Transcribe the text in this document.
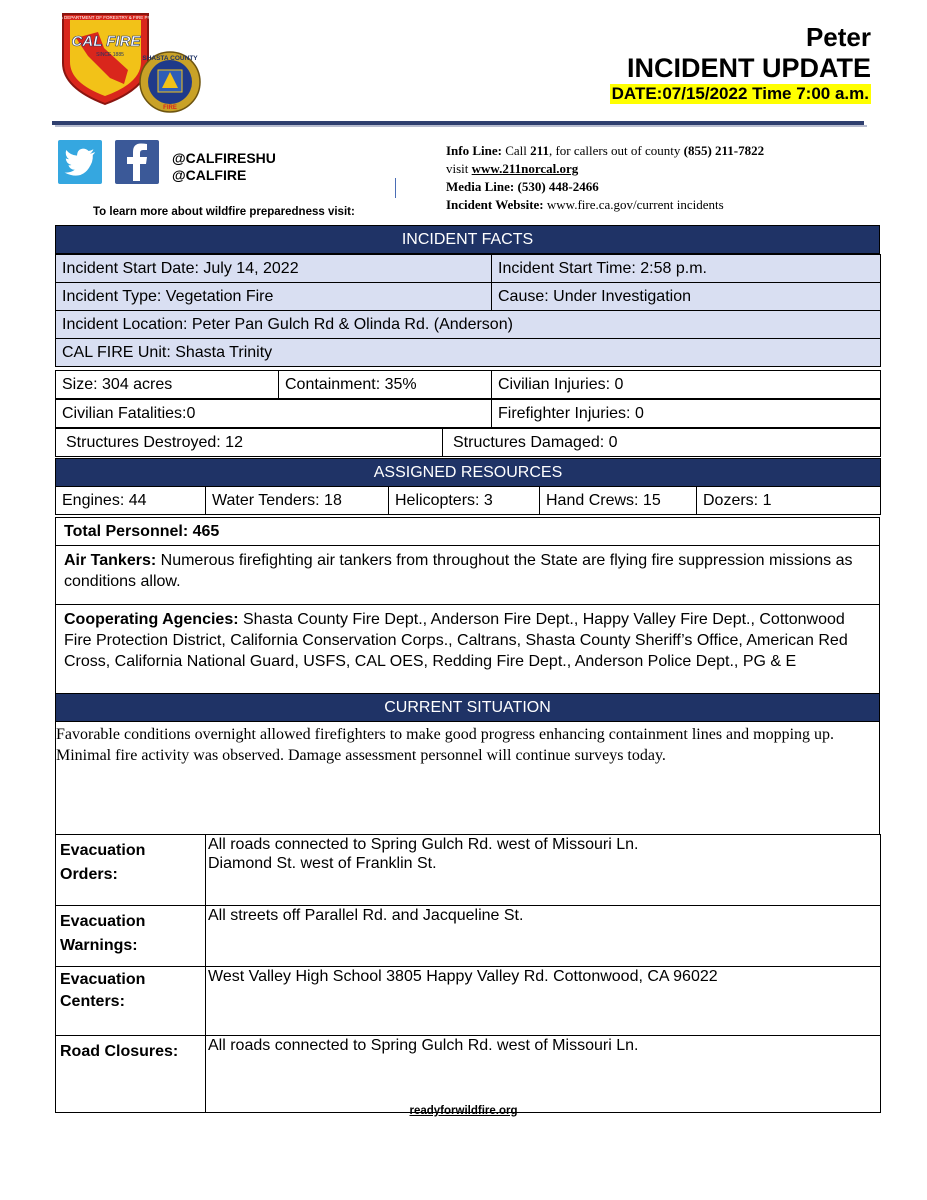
CALIFORNIA DEPARTMENT OF FORESTRY & FIRE PROTECTION
CAL FIRE
SINCE 1885	SHASTA COUNTY
FIRE
Peter
INCIDENT UPDATE
DATE:07/15/2022 Time 7:00 a.m.
@CALFIRESHU
@CALFIRE
To learn more about wildfire preparedness visit:
Info Line: Call 211, for callers out of county (855) 211-7822
visit www.211norcal.org
Media Line: (530) 448-2466
Incident Website: www.fire.ca.gov/current incidents
INCIDENT FACTS
Incident Start Date: July 14, 2022	Incident Start Time: 2:58 p.m.
Incident Type: Vegetation Fire	Cause: Under Investigation
Incident Location: Peter Pan Gulch Rd & Olinda Rd. (Anderson)	
CAL FIRE Unit: Shasta Trinity	
Size: 304 acres	Containment: 35%	Civilian Injuries: 0
Civilian Fatalities:0	Firefighter Injuries: 0
Structures Destroyed: 12	Structures Damaged: 0
ASSIGNED RESOURCES
Engines: 44	Water Tenders: 18	Helicopters: 3	Hand Crews: 15	Dozers: 1
Total Personnel: 465
Air Tankers: Numerous firefighting air tankers from throughout the State are flying fire suppression missions as conditions allow.
Cooperating Agencies: Shasta County Fire Dept., Anderson Fire Dept., Happy Valley Fire Dept., Cottonwood Fire Protection District, California Conservation Corps., Caltrans, Shasta County Sheriff’s Office, American Red Cross, California National Guard, USFS, CAL OES, Redding Fire Dept., Anderson Police Dept., PG & E
CURRENT SITUATION
Favorable conditions overnight allowed firefighters to make good progress enhancing containment lines and mopping up. Minimal fire activity was observed. Damage assessment personnel will continue surveys today.
Evacuation Orders:	All roads connected to Spring Gulch Rd. west of Missouri Ln.
Diamond St. west of Franklin St.

Evacuation Warnings:	All streets off Parallel Rd. and Jacqueline St.
Evacuation Centers:	West Valley High School 3805 Happy Valley Rd. Cottonwood, CA 96022
Road Closures:	All roads connected to Spring Gulch Rd. west of Missouri Ln.
readyforwildfire.org
